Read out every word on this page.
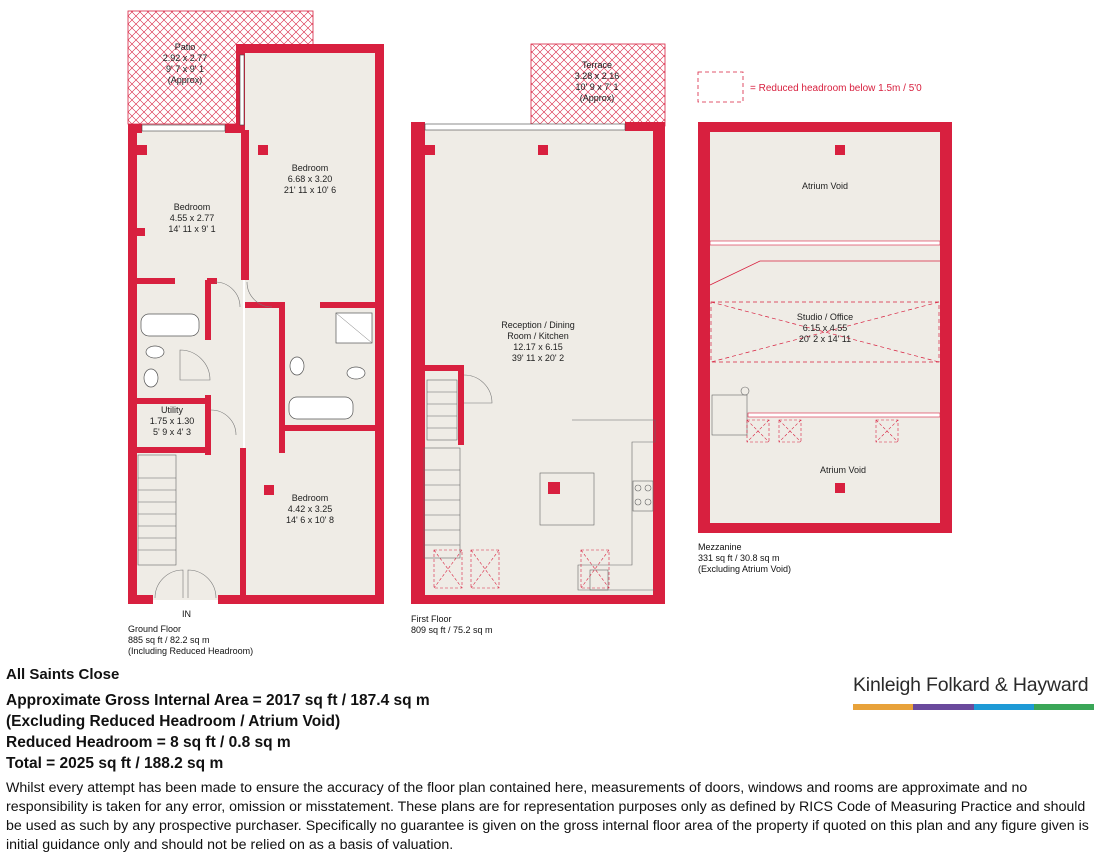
= Reduced headroom below 1.5m / 5'0
IN
Patio 2.92 x 2.77 9' 7 x 9' 1 (Approx)
Bedroom 4.55 x 2.77 14' 11 x 9' 1
Bedroom 6.68 x 3.20 21' 11 x 10' 6
Utility 1.75 x 1.30 5' 9 x 4' 3
Bedroom 4.42 x 3.25 14' 6 x 10' 8
Terrace 3.28 x 2.16 10' 9 x 7' 1 (Approx)
Reception / Dining Room / Kitchen 12.17 x 6.15 39' 11 x 20' 2
Atrium Void
Studio / Office 6.15 x 4.55 20' 2 x 14' 11
Atrium Void
Ground Floor 885 sq ft / 82.2 sq m (Including Reduced Headroom)
First Floor 809 sq ft / 75.2 sq m
Mezzanine 331 sq ft / 30.8 sq m (Excluding Atrium Void)
All Saints Close
Approximate Gross Internal Area = 2017 sq ft / 187.4 sq m
(Excluding Reduced Headroom / Atrium Void)
Reduced Headroom = 8 sq ft / 0.8 sq m
Total = 2025 sq ft / 188.2 sq m
Kinleigh Folkard & Hayward
Whilst every attempt has been made to ensure the accuracy of the floor plan contained here, measurements of doors, windows and rooms are approximate and no responsibility is taken for any error, omission or misstatement. These plans are for representation purposes only as defined by RICS Code of Measuring Practice and should be used as such by any prospective purchaser. Specifically no guarantee is given on the gross internal floor area of the property if quoted on this plan and any figure given is initial guidance only and should not be relied on as a basis of valuation.
